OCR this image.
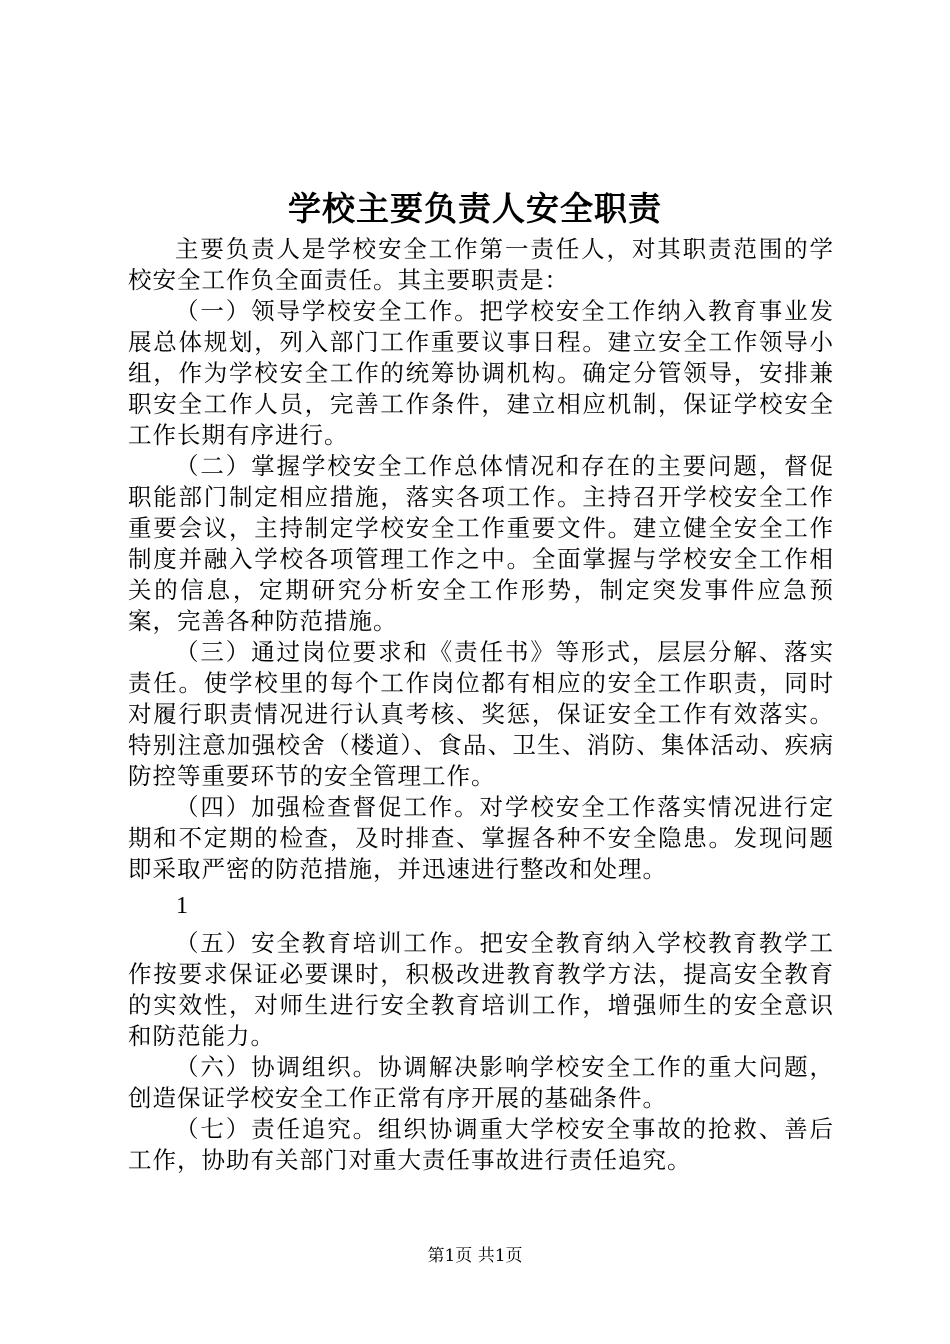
学校主要负责人安全职责

主要负责人是学校安全工作第一责任人，对其职责范围的学校安全工作负全面责任。其主要职责是：

（一）领导学校安全工作。把学校安全工作纳入教育事业发展总体规划，列入部门工作重要议事日程。建立安全工作领导小组，作为学校安全工作的统筹协调机构。确定分管领导，安排兼职安全工作人员，完善工作条件，建立相应机制，保证学校安全工作长期有序进行。

（二）掌握学校安全工作总体情况和存在的主要问题，督促职能部门制定相应措施，落实各项工作。主持召开学校安全工作重要会议，主持制定学校安全工作重要文件。建立健全安全工作制度并融入学校各项管理工作之中。全面掌握与学校安全工作相关的信息，定期研究分析安全工作形势，制定突发事件应急预案，完善各种防范措施。

（三）通过岗位要求和《责任书》等形式，层层分解、落实责任。使学校里的每个工作岗位都有相应的安全工作职责，同时对履行职责情况进行认真考核、奖惩，保证安全工作有效落实。特别注意加强校舍（楼道）、食品、卫生、消防、集体活动、疾病防控等重要环节的安全管理工作。

（四）加强检查督促工作。对学校安全工作落实情况进行定期和不定期的检查，及时排查、掌握各种不安全隐患。发现问题即采取严密的防范措施，并迅速进行整改和处理。

1

（五）安全教育培训工作。把安全教育纳入学校教育教学工作按要求保证必要课时，积极改进教育教学方法，提高安全教育的实效性，对师生进行安全教育培训工作，增强师生的安全意识和防范能力。

（六）协调组织。协调解决影响学校安全工作的重大问题，创造保证学校安全工作正常有序开展的基础条件。

（七）责任追究。组织协调重大学校安全事故的抢救、善后工作，协助有关部门对重大责任事故进行责任追究。

第1页 共1页
